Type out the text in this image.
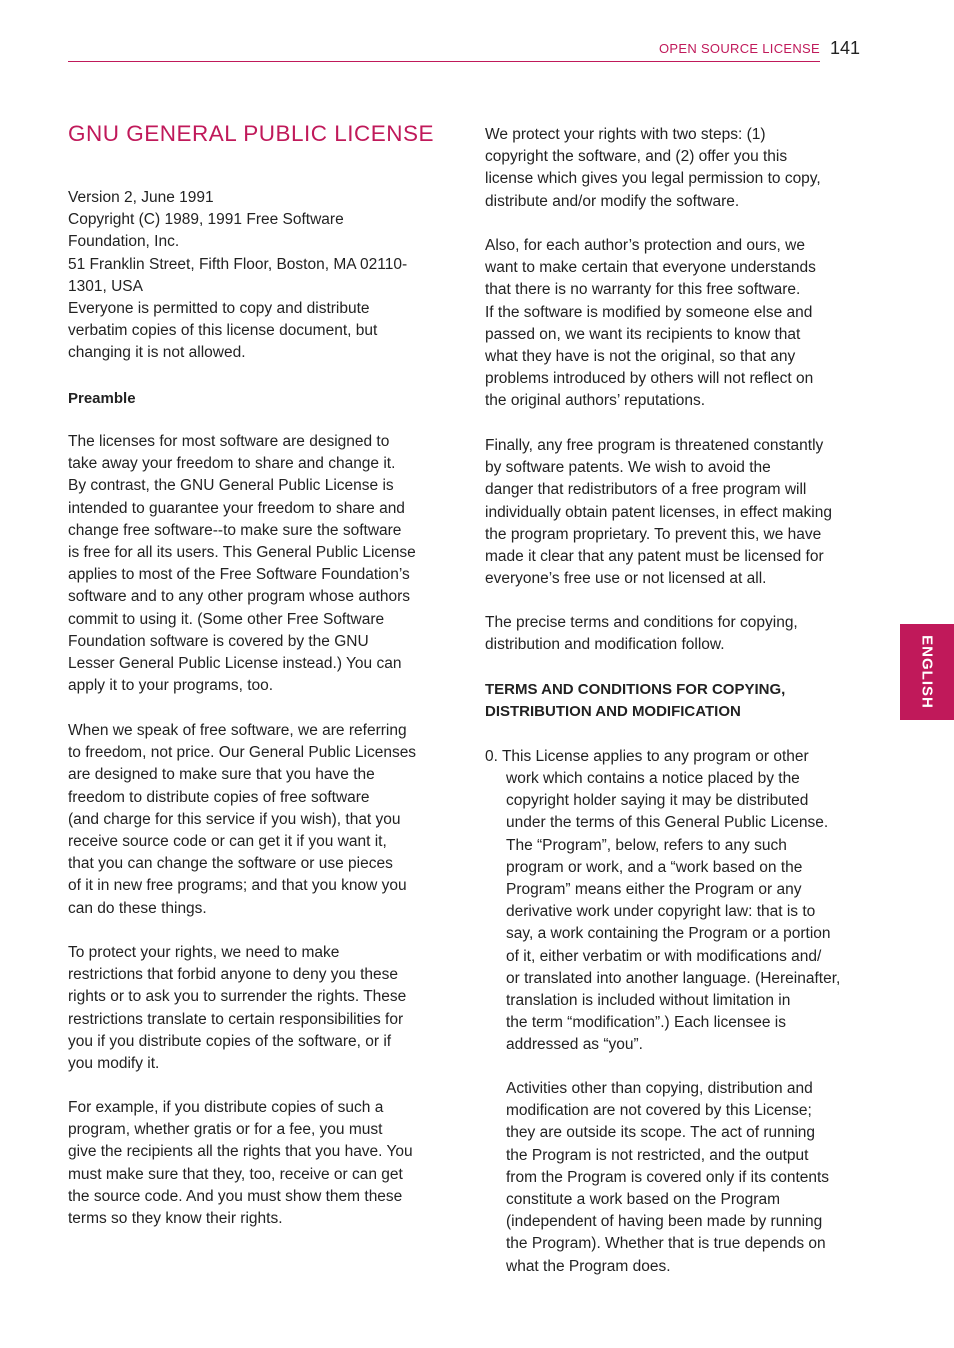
OPEN SOURCE LICENSE 141
ENGLISH
GNU GENERAL PUBLIC LICENSE
Version 2, June 1991
Copyright (C) 1989, 1991 Free Software
Foundation, Inc.
51 Franklin Street, Fifth Floor, Boston, MA 02110-
1301, USA
Everyone is permitted to copy and distribute
verbatim copies of this license document, but
changing it is not allowed.
Preamble
The licenses for most software are designed to
take away your freedom to share and change it.
By contrast, the GNU General Public License is
intended to guarantee your freedom to share and
change free software--to make sure the software
is free for all its users. This General Public License
applies to most of the Free Software Foundation’s
software and to any other program whose authors
commit to using it. (Some other Free Software
Foundation software is covered by the GNU
Lesser General Public License instead.) You can
apply it to your programs, too.
When we speak of free software, we are referring
to freedom, not price. Our General Public Licenses
are designed to make sure that you have the
freedom to distribute copies of free software
(and charge for this service if you wish), that you
receive source code or can get it if you want it,
that you can change the software or use pieces
of it in new free programs; and that you know you
can do these things.
To protect your rights, we need to make
restrictions that forbid anyone to deny you these
rights or to ask you to surrender the rights. These
restrictions translate to certain responsibilities for
you if you distribute copies of the software, or if
you modify it.
For example, if you distribute copies of such a
program, whether gratis or for a fee, you must
give the recipients all the rights that you have. You
must make sure that they, too, receive or can get
the source code. And you must show them these
terms so they know their rights.
We protect your rights with two steps: (1)
copyright the software, and (2) offer you this
license which gives you legal permission to copy,
distribute and/or modify the software.
Also, for each author’s protection and ours, we
want to make certain that everyone understands
that there is no warranty for this free software.
If the software is modified by someone else and
passed on, we want its recipients to know that
what they have is not the original, so that any
problems introduced by others will not reflect on
the original authors’ reputations.
Finally, any free program is threatened constantly
by software patents. We wish to avoid the
danger that redistributors of a free program will
individually obtain patent licenses, in effect making
the program proprietary. To prevent this, we have
made it clear that any patent must be licensed for
everyone’s free use or not licensed at all.
The precise terms and conditions for copying,
distribution and modification follow.
TERMS AND CONDITIONS FOR COPYING,
DISTRIBUTION AND MODIFICATION
0. This License applies to any program or other
work which contains a notice placed by the
copyright holder saying it may be distributed
under the terms of this General Public License.
The “Program”, below, refers to any such
program or work, and a “work based on the
Program” means either the Program or any
derivative work under copyright law: that is to
say, a work containing the Program or a portion
of it, either verbatim or with modifications and/
or translated into another language. (Hereinafter,
translation is included without limitation in
the term “modification”.) Each licensee is
addressed as “you”.
Activities other than copying, distribution and
modification are not covered by this License;
they are outside its scope. The act of running
the Program is not restricted, and the output
from the Program is covered only if its contents
constitute a work based on the Program
(independent of having been made by running
the Program). Whether that is true depends on
what the Program does.
